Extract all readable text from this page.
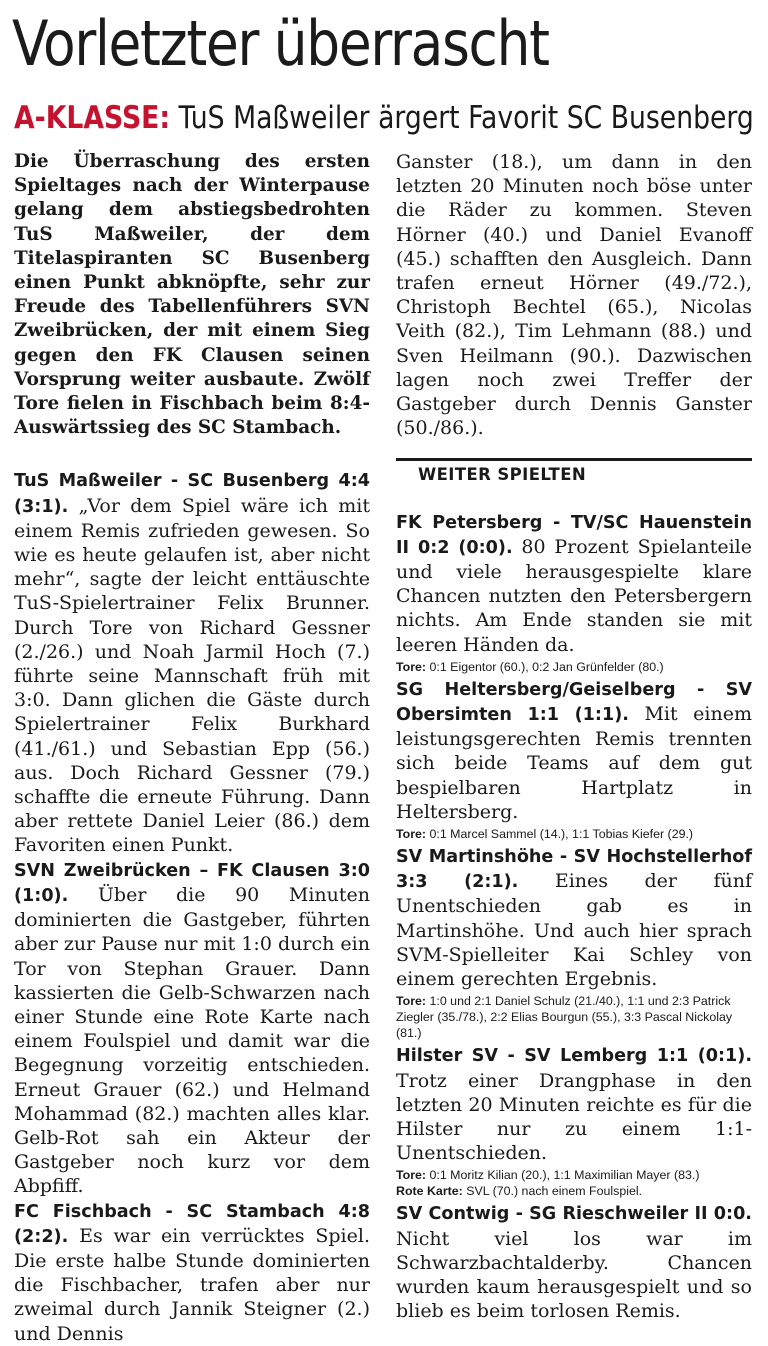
Vorletzter überrascht
A-KLASSE: TuS Maßweiler ärgert Favorit SC Busenberg

Die Überraschung des ersten Spieltages nach der Winterpause gelang dem abstiegsbedrohten TuS Maßweiler, der dem Titelaspiranten SC Busenberg einen Punkt abknöpfte, sehr zur Freude des Tabellenführers SVN Zweibrücken, der mit einem Sieg gegen den FK Clausen seinen Vorsprung weiter ausbaute. Zwölf Tore fielen in Fischbach beim 8:4-Auswärtssieg des SC Stambach.

TuS Maßweiler - SC Busenberg 4:4 (3:1). „Vor dem Spiel wäre ich mit einem Remis zufrieden gewesen. So wie es heute gelaufen ist, aber nicht mehr“, sagte der leicht enttäuschte TuS-Spielertrainer Felix Brunner. Durch Tore von Richard Gessner (2./26.) und Noah Jarmil Hoch (7.) führte seine Mannschaft früh mit 3:0. Dann glichen die Gäste durch Spielertrainer Felix Burkhard (41./61.) und Sebastian Epp (56.) aus. Doch Richard Gessner (79.) schaffte die erneute Führung. Dann aber rettete Daniel Leier (86.) dem Favoriten einen Punkt.

SVN Zweibrücken – FK Clausen 3:0 (1:0). Über die 90 Minuten dominierten die Gastgeber, führten aber zur Pause nur mit 1:0 durch ein Tor von Stephan Grauer. Dann kassierten die Gelb-Schwarzen nach einer Stunde eine Rote Karte nach einem Foulspiel und damit war die Begegnung vorzeitig entschieden. Erneut Grauer (62.) und Helmand Mohammad (82.) machten alles klar. Gelb-Rot sah ein Akteur der Gastgeber noch kurz vor dem Abpfiff.

FC Fischbach - SC Stambach 4:8 (2:2). Es war ein verrücktes Spiel. Die erste halbe Stunde dominierten die Fischbacher, trafen aber nur zweimal durch Jannik Steigner (2.) und Dennis

Ganster (18.), um dann in den letzten 20 Minuten noch böse unter die Räder zu kommen. Steven Hörner (40.) und Daniel Evanoff (45.) schafften den Ausgleich. Dann trafen erneut Hörner (49./72.), Christoph Bechtel (65.), Nicolas Veith (82.), Tim Lehmann (88.) und Sven Heilmann (90.). Dazwischen lagen noch zwei Treffer der Gastgeber durch Dennis Ganster (50./86.).

WEITER SPIELTEN

FK Petersberg - TV/SC Hauenstein II 0:2 (0:0). 80 Prozent Spielanteile und viele herausgespielte klare Chancen nutzten den Petersbergern nichts. Am Ende standen sie mit leeren Händen da.

Tore: 0:1 Eigentor (60.), 0:2 Jan Grünfelder (80.)

SG Heltersberg/Geiselberg - SV Obersimten 1:1 (1:1). Mit einem leistungsgerechten Remis trennten sich beide Teams auf dem gut bespielbaren Hartplatz in Heltersberg.

Tore: 0:1 Marcel Sammel (14.), 1:1 Tobias Kiefer (29.)

SV Martinshöhe - SV Hochstellerhof 3:3 (2:1). Eines der fünf Unentschieden gab es in Martinshöhe. Und auch hier sprach SVM-Spielleiter Kai Schley von einem gerechten Ergebnis.

Tore: 1:0 und 2:1 Daniel Schulz (21./40.), 1:1 und 2:3 Patrick Ziegler (35./78.), 2:2 Elias Bourgun (55.), 3:3 Pascal Nickolay (81.)

Hilster SV - SV Lemberg 1:1 (0:1). Trotz einer Drangphase in den letzten 20 Minuten reichte es für die Hilster nur zu einem 1:1-Unentschieden.

Tore: 0:1 Moritz Kilian (20.), 1:1 Maximilian Mayer (83.)
Rote Karte: SVL (70.) nach einem Foulspiel.

SV Contwig - SG Rieschweiler II 0:0. Nicht viel los war im Schwarzbachtalderby. Chancen wurden kaum herausgespielt und so blieb es beim torlosen Remis.
